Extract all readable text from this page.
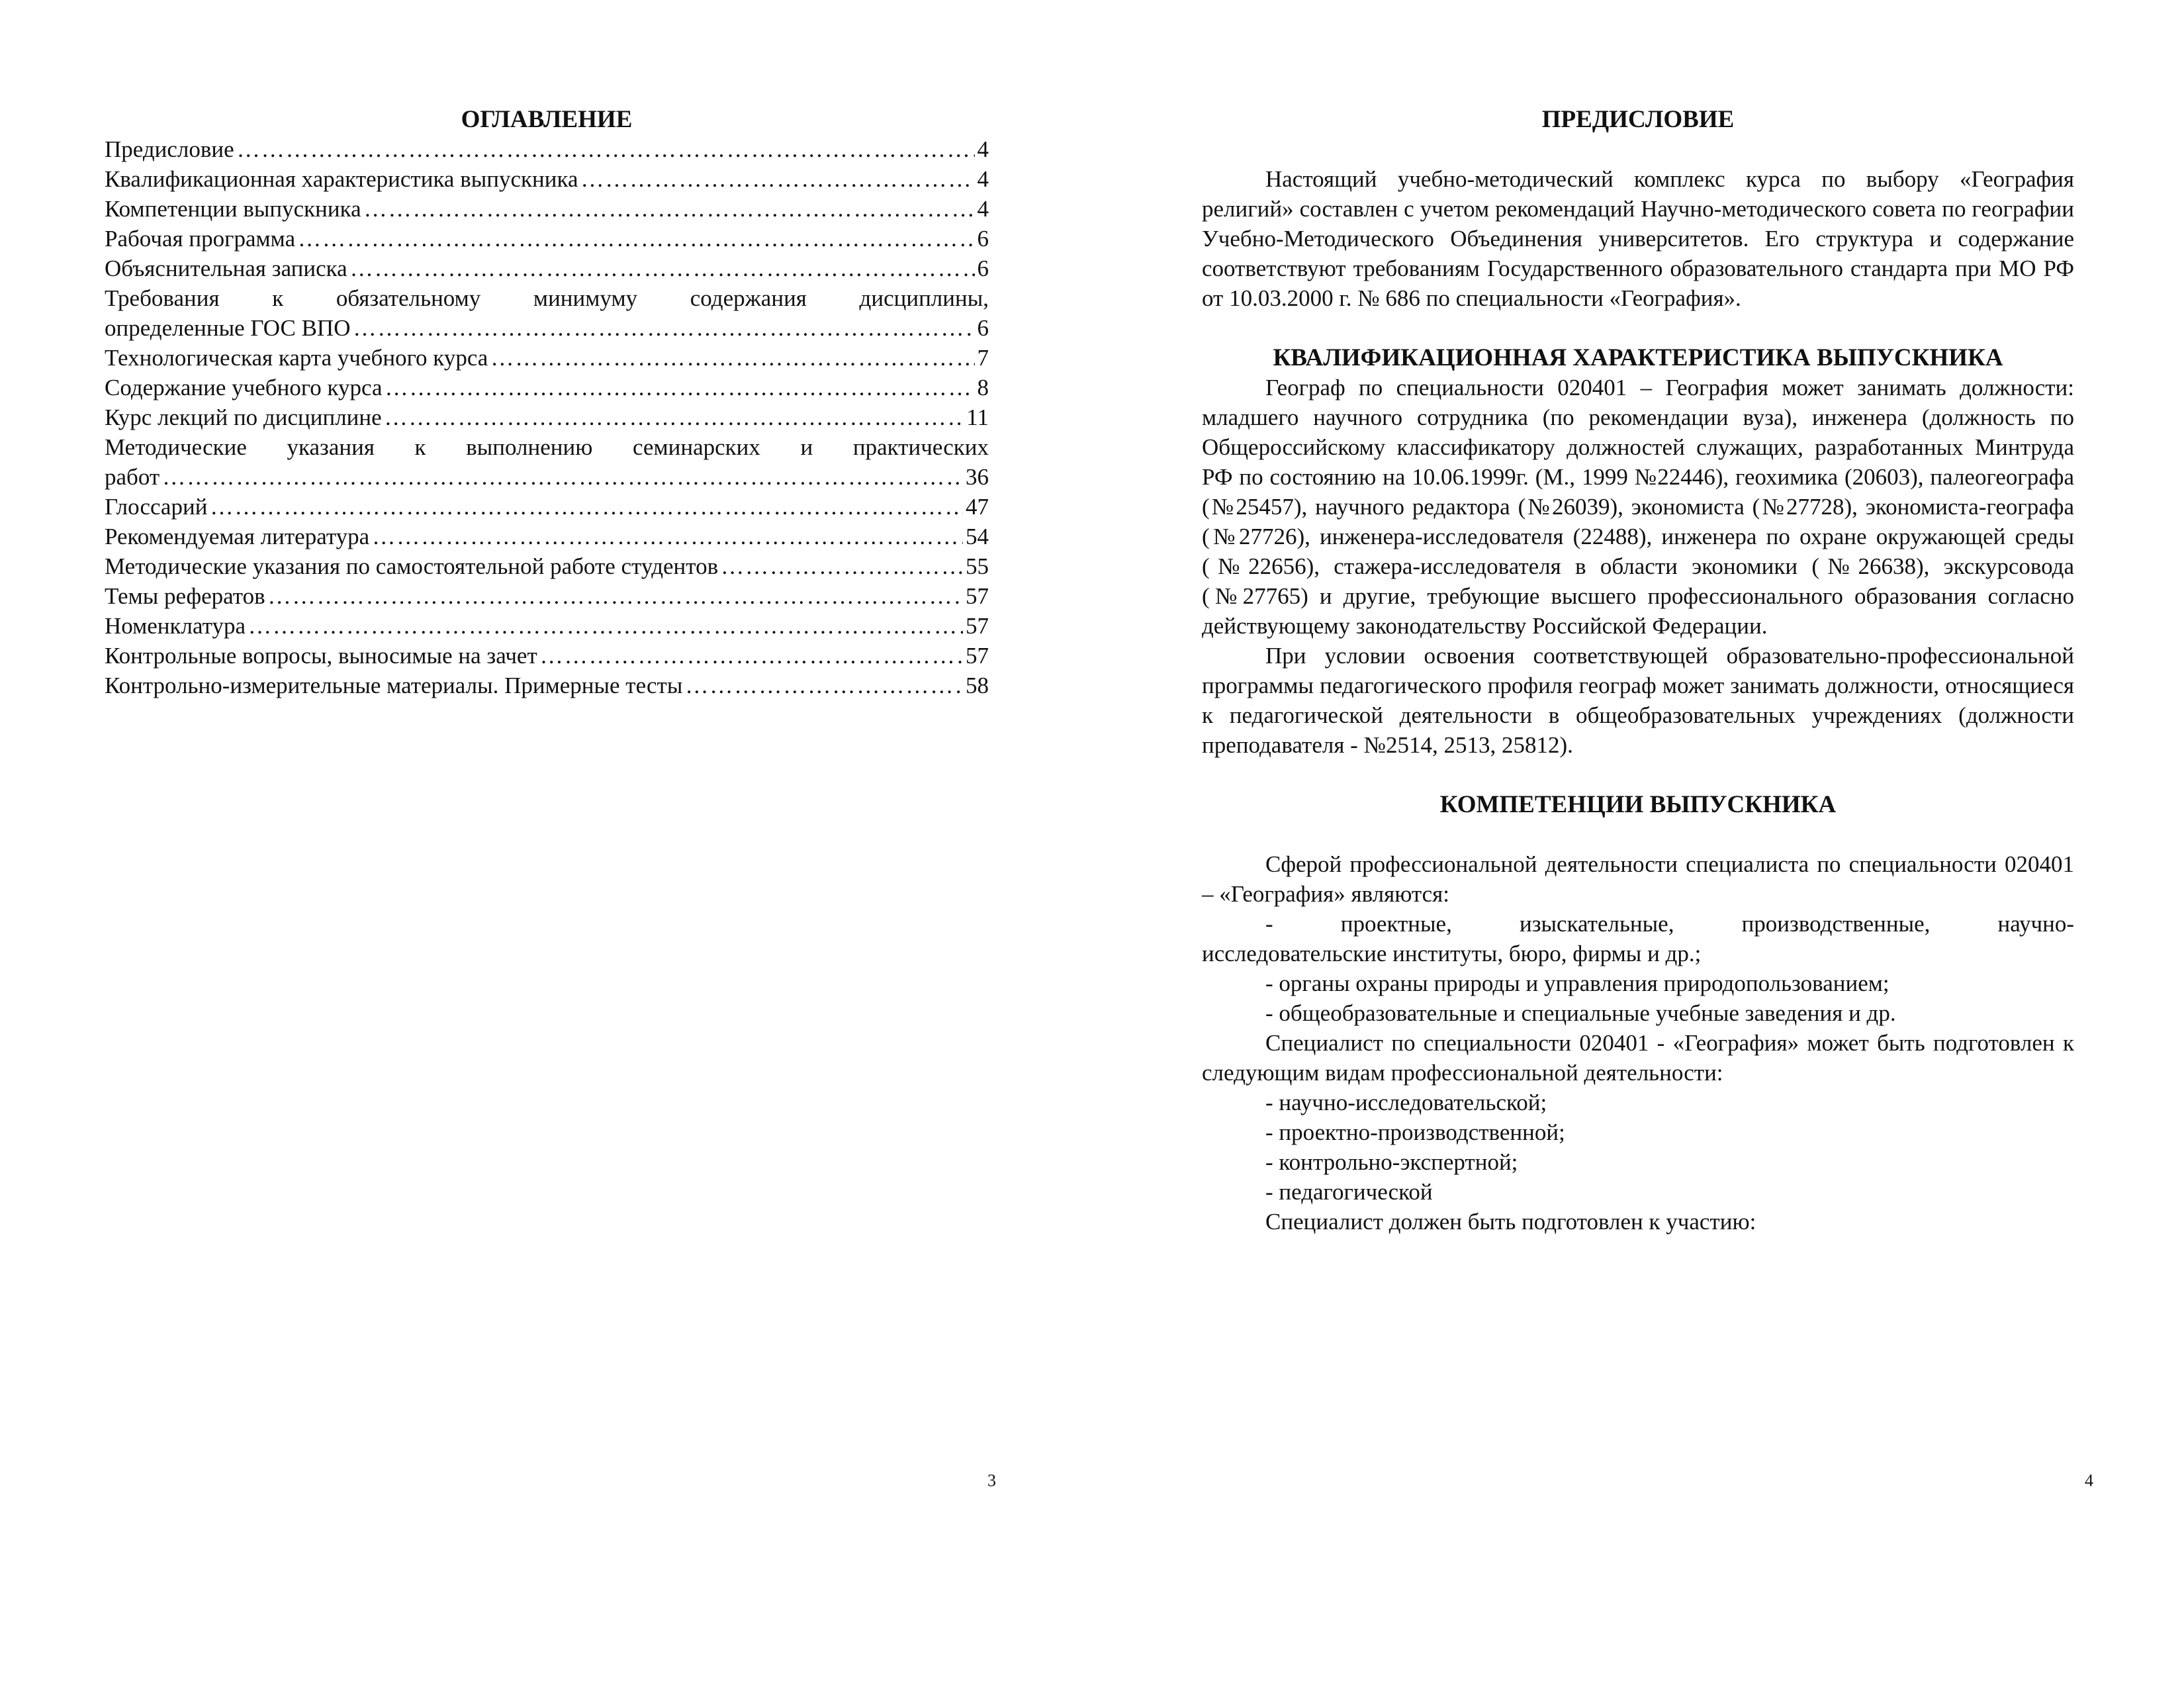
ОГЛАВЛЕНИЕ
Предисловие ……………………………………………………………………………………………………………………………………………………………	4
Квалификационная характеристика выпускника ……………………………………………………………………………………………………………………………………………………………	4
Компетенции выпускника ……………………………………………………………………………………………………………………………………………………………	4
Рабочая программа ……………………………………………………………………………………………………………………………………………………………	6
Объяснительная записка ……………………………………………………………………………………………………………………………………………………………	6
Требования к обязательному минимуму содержания дисциплины,
определенные ГОС ВПО ……………………………………………………………………………………………………………………………………………………………	6
Технологическая карта учебного курса ……………………………………………………………………………………………………………………………………………………………	7
Содержание учебного курса ……………………………………………………………………………………………………………………………………………………………	8
Курс лекций по дисциплине ……………………………………………………………………………………………………………………………………………………………	11
Методические указания к выполнению семинарских и практических
работ ……………………………………………………………………………………………………………………………………………………………	36
Глоссарий ……………………………………………………………………………………………………………………………………………………………	47
Рекомендуемая литература ……………………………………………………………………………………………………………………………………………………………	54
Методические указания по самостоятельной работе студентов ……………………………………………………………………………………………………………………………………………………………	55
Темы рефератов ……………………………………………………………………………………………………………………………………………………………	57
Номенклатура ……………………………………………………………………………………………………………………………………………………………	57
Контрольные вопросы, выносимые на зачет ……………………………………………………………………………………………………………………………………………………………	57
Контрольно-измерительные материалы. Примерные тесты ……………………………………………………………………………………………………………………………………………………………	58
3
ПРЕДИСЛОВИЕ

Настоящий учебно-методический комплекс курса по выбору «География религий» составлен с учетом рекомендаций Научно-методического совета по географии Учебно-Методического Объединения университетов. Его структура и содержание соответствуют требованиям Государственного образовательного стандарта при МО РФ от 10.03.2000 г. № 686 по специальности «География».

КВАЛИФИКАЦИОННАЯ ХАРАКТЕРИСТИКА ВЫПУСКНИКА

Географ по специальности 020401 – География может занимать должности: младшего научного сотрудника (по рекомендации вуза), инженера (должность по Общероссийскому классификатору должностей служащих, разработанных Минтруда РФ по состоянию на 10.06.1999г. (М., 1999 №22446), геохимика (20603), палеогеографа (№25457), научного редактора (№26039), экономиста (№27728), экономиста-географа (№27726), инженера-исследователя (22488), инженера по охране окружающей среды (№22656), стажера-исследователя в области экономики (№26638), экскурсовода (№27765) и другие, требующие высшего профессионального образования согласно действующему законодательству Российской Федерации.

При условии освоения соответствующей образовательно-профессиональной программы педагогического профиля географ может занимать должности, относящиеся к педагогической деятельности в общеобразовательных учреждениях (должности преподавателя - №2514, 2513, 25812).

КОМПЕТЕНЦИИ ВЫПУСКНИКА

Сферой профессиональной деятельности специалиста по специальности 020401 – «География» являются:

- проектные, изыскательные, производственные, научно-

исследовательские институты, бюро, фирмы и др.;

- органы охраны природы и управления природопользованием;

- общеобразовательные и специальные учебные заведения и др.

Специалист по специальности 020401 - «География» может быть подготовлен к следующим видам профессиональной деятельности:

- научно-исследовательской;

- проектно-производственной;

- контрольно-экспертной;

- педагогической

Специалист должен быть подготовлен к участию:

4
